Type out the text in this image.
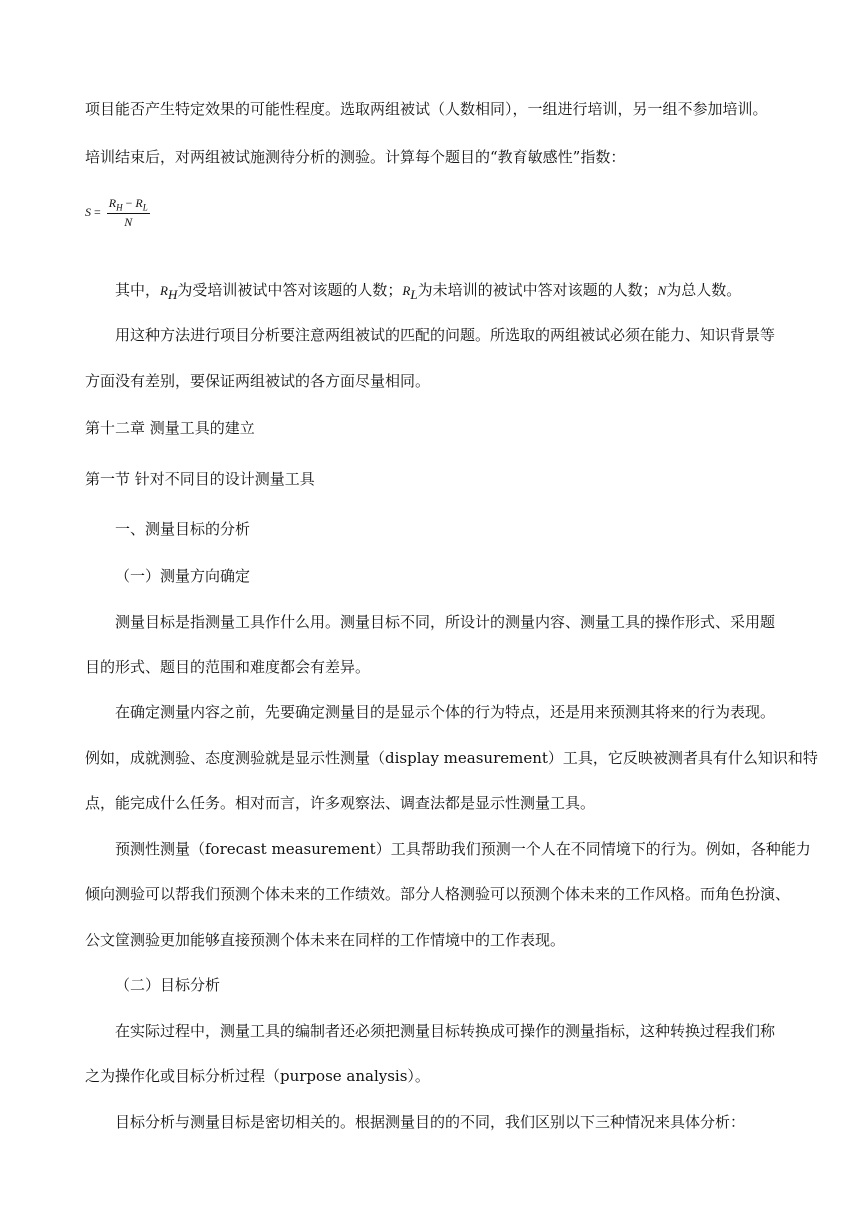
项目能否产生特定效果的可能性程度。选取两组被试（人数相同），一组进行培训，另一组不参加培训。
培训结束后，对两组被试施测待分析的测验。计算每个题目的“教育敏感性”指数：
$S = \frac{R_H - R_L}{N}$
其中，$R_H$为受培训被试中答对该题的人数；$R_L$为未培训的被试中答对该题的人数；N为总人数。
用这种方法进行项目分析要注意两组被试的匹配的问题。所选取的两组被试必须在能力、知识背景等
方面没有差别，要保证两组被试的各方面尽量相同。
第十二章 测量工具的建立
第一节 针对不同目的设计测量工具
一、测量目标的分析
（一）测量方向确定
测量目标是指测量工具作什么用。测量目标不同，所设计的测量内容、测量工具的操作形式、采用题
目的形式、题目的范围和难度都会有差异。
在确定测量内容之前，先要确定测量目的是显示个体的行为特点，还是用来预测其将来的行为表现。
例如，成就测验、态度测验就是显示性测量（display measurement）工具，它反映被测者具有什么知识和特
点，能完成什么任务。相对而言，许多观察法、调查法都是显示性测量工具。
预测性测量（forecast measurement）工具帮助我们预测一个人在不同情境下的行为。例如，各种能力
倾向测验可以帮我们预测个体未来的工作绩效。部分人格测验可以预测个体未来的工作风格。而角色扮演、
公文筐测验更加能够直接预测个体未来在同样的工作情境中的工作表现。
（二）目标分析
在实际过程中，测量工具的编制者还必须把测量目标转换成可操作的测量指标，这种转换过程我们称
之为操作化或目标分析过程（purpose analysis）。
目标分析与测量目标是密切相关的。根据测量目的的不同，我们区别以下三种情况来具体分析：
